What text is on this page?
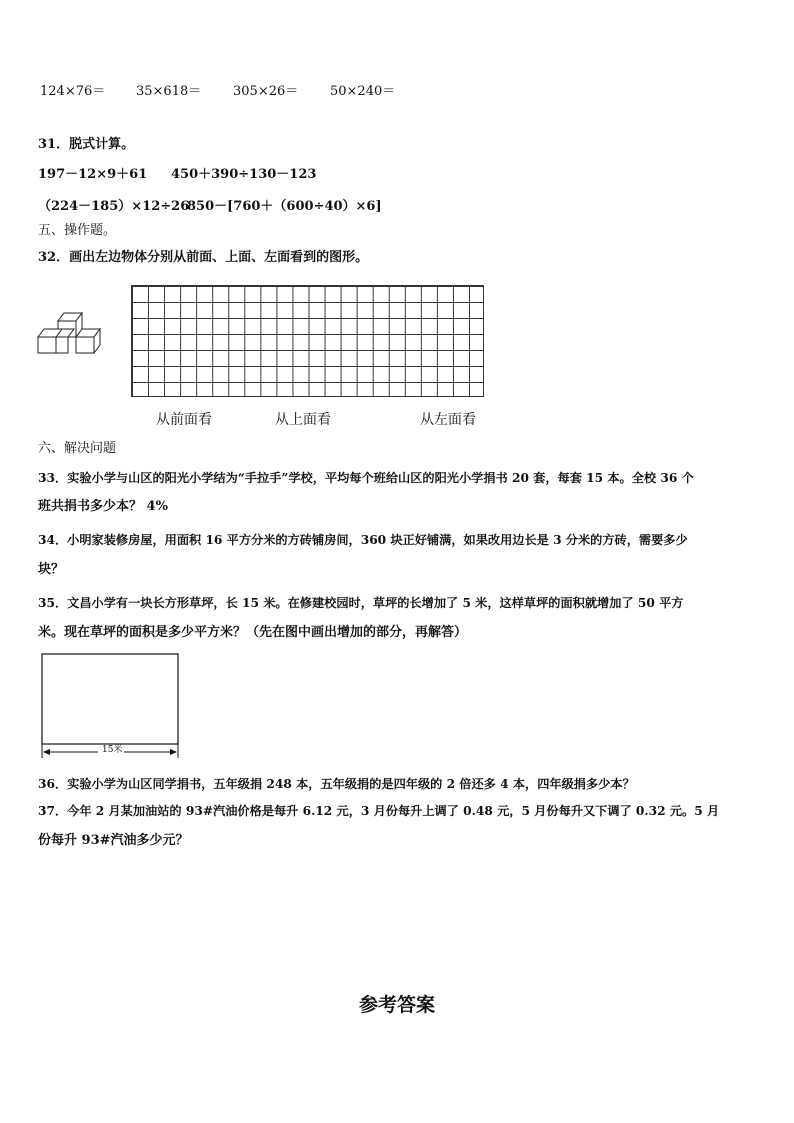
124×76＝ 35×618＝ 305×26＝ 50×240＝
31．脱式计算。
197－12×9＋61 450＋390÷130－123
（224－185）×12÷26
850－[760＋（600÷40）×6]
五、操作题。
32．画出左边物体分别从前面、上面、左面看到的图形。
从前面看	从上面看	从左面看
六、解决问题
33．实验小学与山区的阳光小学结为“手拉手”学校，平均每个班给山区的阳光小学捐书 20 套，每套 15 本。全校 36 个
班共捐书多少本？ 4%
34．小明家装修房屋，用面积 16 平方分米的方砖铺房间，360 块正好铺满，如果改用边长是 3 分米的方砖，需要多少
块？
35．文昌小学有一块长方形草坪，长 15 米。在修建校园时，草坪的长增加了 5 米，这样草坪的面积就增加了 50 平方
米。现在草坪的面积是多少平方米？（先在图中画出增加的部分，再解答）
15米
36．实验小学为山区同学捐书，五年级捐 248 本，五年级捐的是四年级的 2 倍还多 4 本，四年级捐多少本？
37．今年 2 月某加油站的 93#汽油价格是每升 6.12 元，3 月份每升上调了 0.48 元，5 月份每升又下调了 0.32 元。5 月
份每升 93#汽油多少元？
参考答案
